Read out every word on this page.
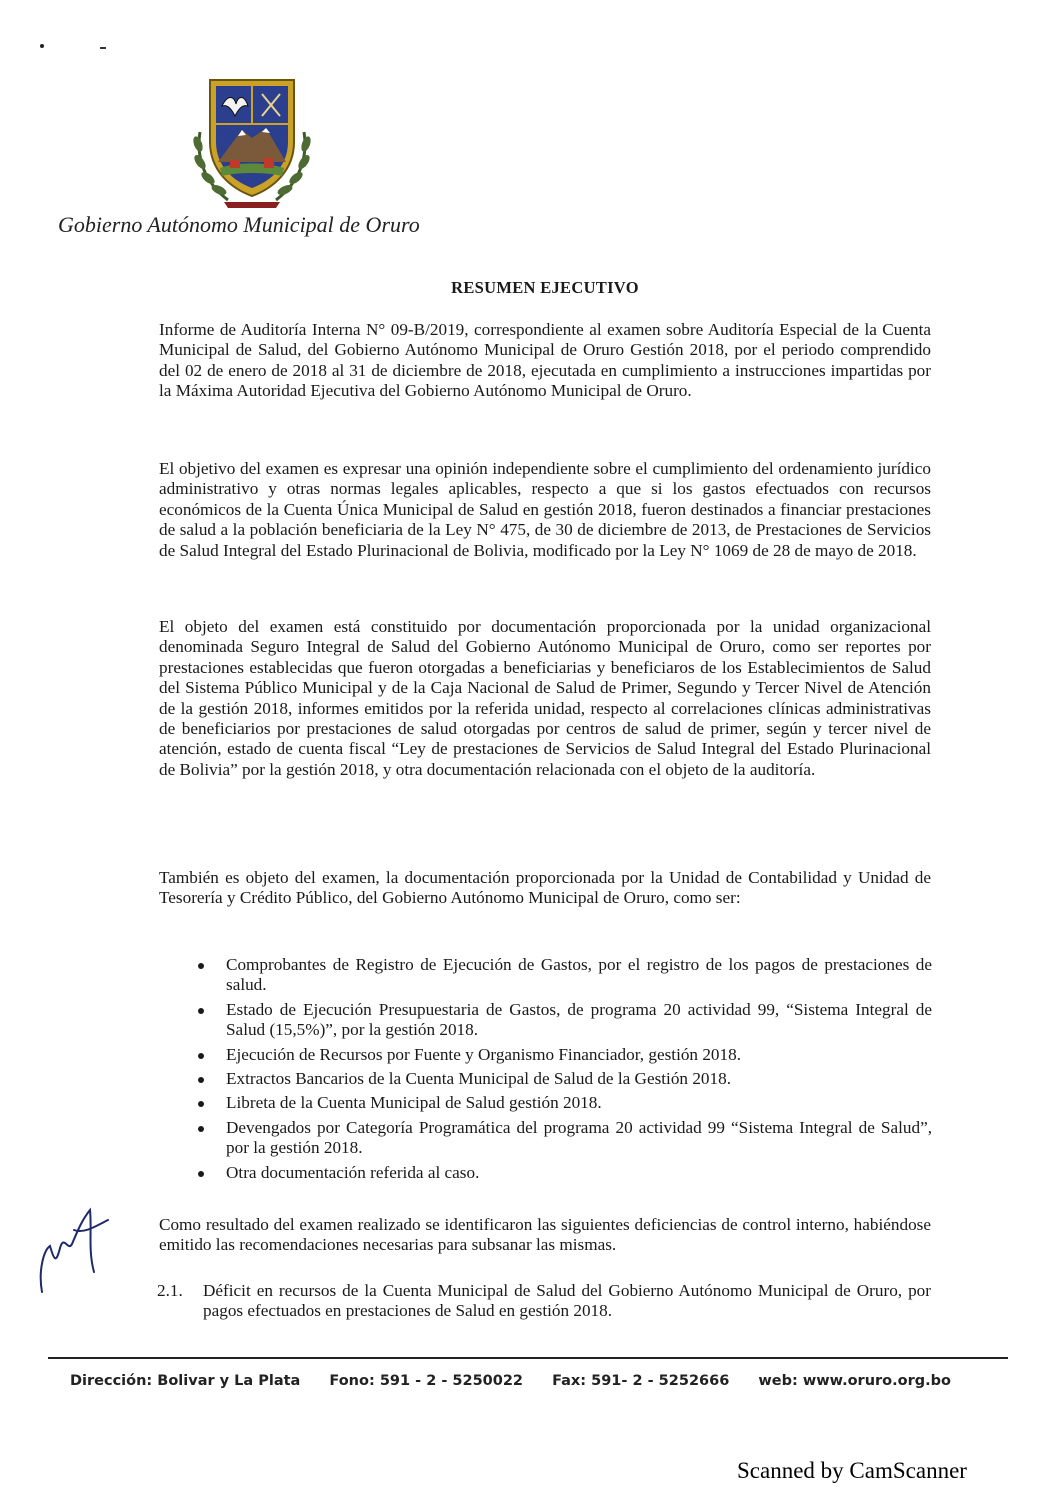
Gobierno Autónomo Municipal de Oruro
RESUMEN EJECUTIVO

Informe de Auditoría Interna N° 09-B/2019, correspondiente al examen sobre Auditoría Especial de la Cuenta Municipal de Salud, del Gobierno Autónomo Municipal de Oruro Gestión 2018, por el periodo comprendido del 02 de enero de 2018 al 31 de diciembre de 2018, ejecutada en cumplimiento a instrucciones impartidas por la Máxima Autoridad Ejecutiva del Gobierno Autónomo Municipal de Oruro.

El objetivo del examen es expresar una opinión independiente sobre el cumplimiento del ordenamiento jurídico administrativo y otras normas legales aplicables, respecto a que si los gastos efectuados con recursos económicos de la Cuenta Única Municipal de Salud en gestión 2018, fueron destinados a financiar prestaciones de salud a la población beneficiaria de la Ley N° 475, de 30 de diciembre de 2013, de Prestaciones de Servicios de Salud Integral del Estado Plurinacional de Bolivia, modificado por la Ley N° 1069 de 28 de mayo de 2018.

El objeto del examen está constituido por documentación proporcionada por la unidad organizacional denominada Seguro Integral de Salud del Gobierno Autónomo Municipal de Oruro, como ser reportes por prestaciones establecidas que fueron otorgadas a beneficiarias y beneficiaros de los Establecimientos de Salud del Sistema Público Municipal y de la Caja Nacional de Salud de Primer, Segundo y Tercer Nivel de Atención de la gestión 2018, informes emitidos por la referida unidad, respecto al correlaciones clínicas administrativas de beneficiarios por prestaciones de salud otorgadas por centros de salud de primer, según y tercer nivel de atención, estado de cuenta fiscal “Ley de prestaciones de Servicios de Salud Integral del Estado Plurinacional de Bolivia” por la gestión 2018, y otra documentación relacionada con el objeto de la auditoría.

También es objeto del examen, la documentación proporcionada por la Unidad de Contabilidad y Unidad de Tesorería y Crédito Público, del Gobierno Autónomo Municipal de Oruro, como ser:

Comprobantes de Registro de Ejecución de Gastos, por el registro de los pagos de prestaciones de salud.
Estado de Ejecución Presupuestaria de Gastos, de programa 20 actividad 99, “Sistema Integral de Salud (15,5%)”, por la gestión 2018.
Ejecución de Recursos por Fuente y Organismo Financiador, gestión 2018.
Extractos Bancarios de la Cuenta Municipal de Salud de la Gestión 2018.
Libreta de la Cuenta Municipal de Salud gestión 2018.
Devengados por Categoría Programática del programa 20 actividad 99 “Sistema Integral de Salud”, por la gestión 2018.
Otra documentación referida al caso.

Como resultado del examen realizado se identificaron las siguientes deficiencias de control interno, habiéndose emitido las recomendaciones necesarias para subsanar las mismas.

2.1. Déficit en recursos de la Cuenta Municipal de Salud del Gobierno Autónomo Municipal de Oruro, por pagos efectuados en prestaciones de Salud en gestión 2018.
Dirección: Bolivar y La Plata Fono: 591 - 2 - 5250022 Fax: 591- 2 - 5252666 web: www.oruro.org.bo
Scanned by CamScanner
